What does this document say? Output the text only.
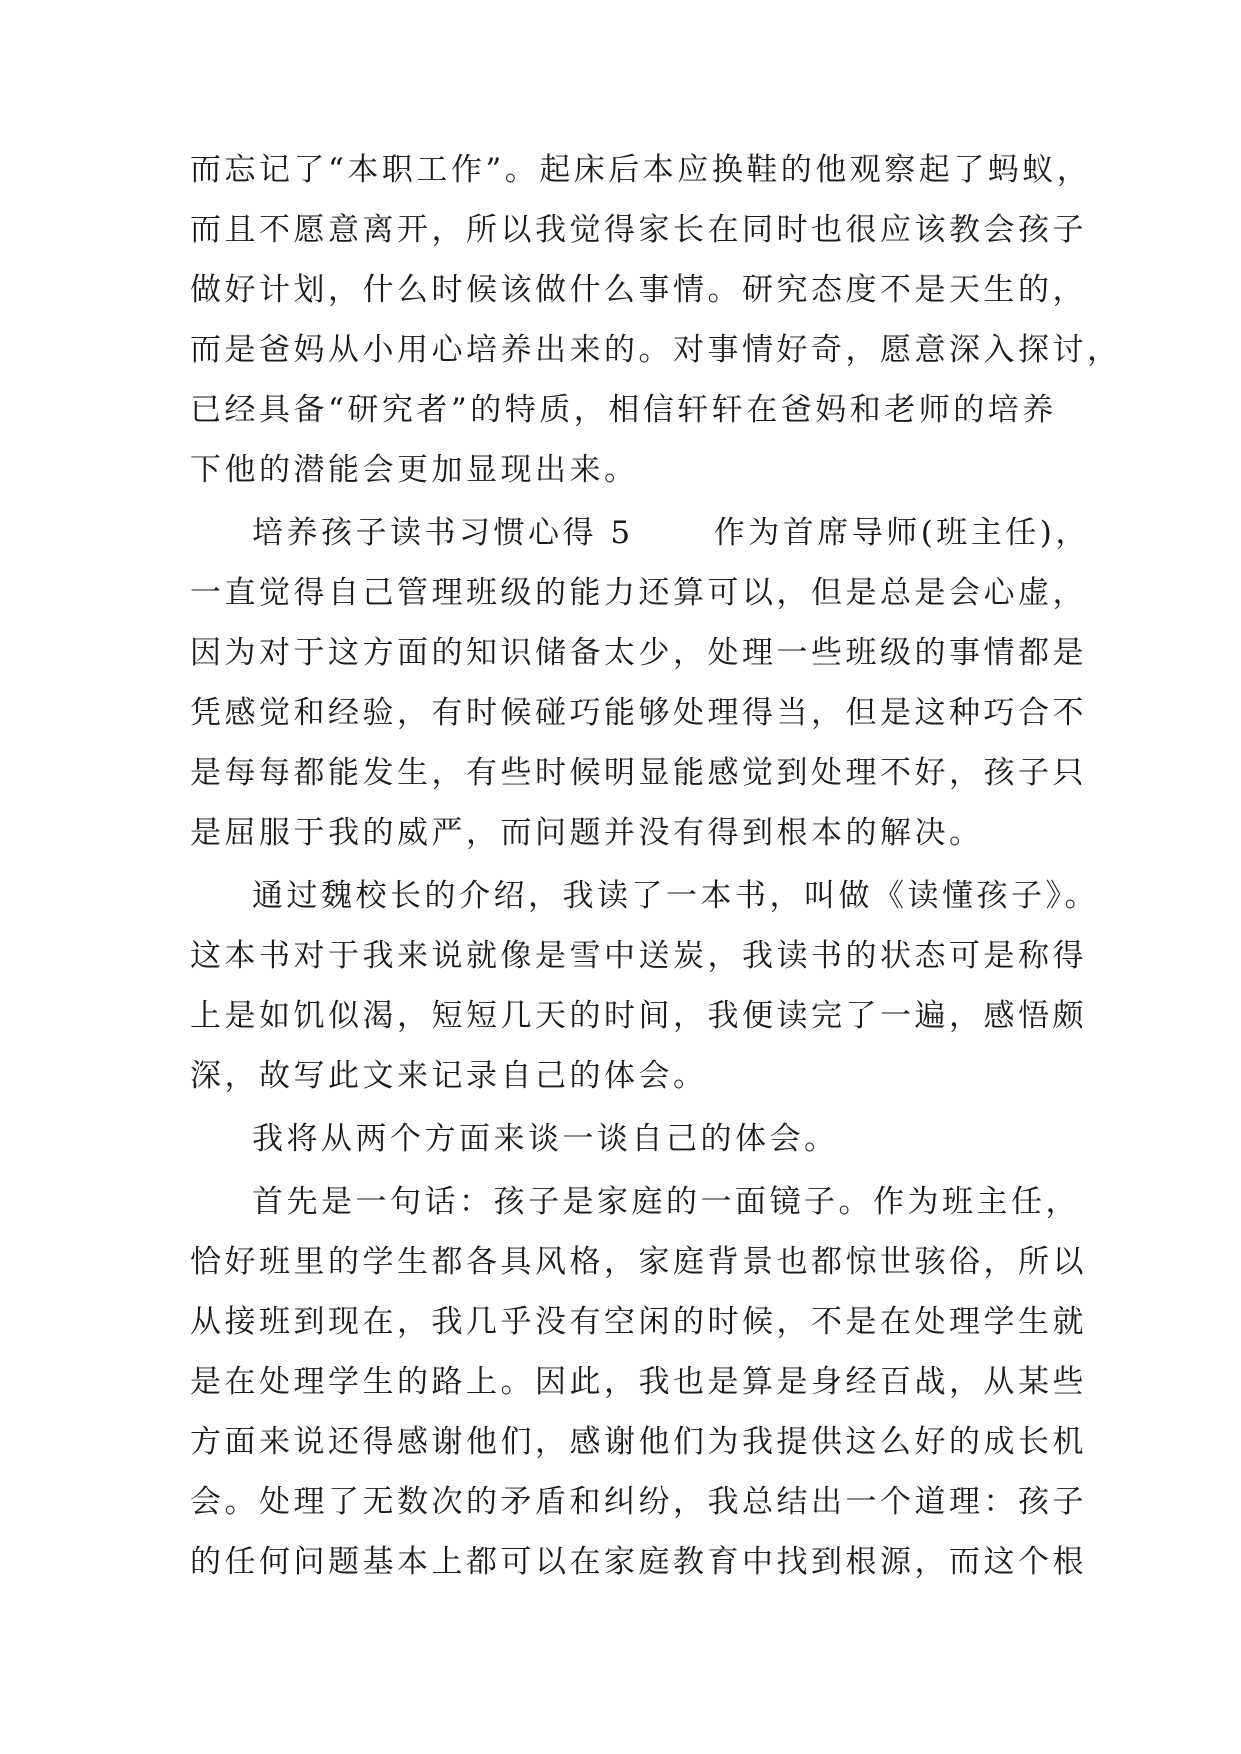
而忘记了“本职工作”。起床后本应换鞋的他观察起了蚂蚁，
而且不愿意离开，所以我觉得家长在同时也很应该教会孩子
做好计划，什么时候该做什么事情。研究态度不是天生的，
而是爸妈从小用心培养出来的。对事情好奇，愿意深入探讨，
已经具备“研究者”的特质，相信轩轩在爸妈和老师的培养
下他的潜能会更加显现出来。
培养孩子读书习惯心得 5      作为首席导师(班主任)，
一直觉得自己管理班级的能力还算可以，但是总是会心虚，
因为对于这方面的知识储备太少，处理一些班级的事情都是
凭感觉和经验，有时候碰巧能够处理得当，但是这种巧合不
是每每都能发生，有些时候明显能感觉到处理不好，孩子只
是屈服于我的威严，而问题并没有得到根本的解决。
通过魏校长的介绍，我读了一本书，叫做《读懂孩子》。
这本书对于我来说就像是雪中送炭，我读书的状态可是称得
上是如饥似渴，短短几天的时间，我便读完了一遍，感悟颇
深，故写此文来记录自己的体会。
我将从两个方面来谈一谈自己的体会。
首先是一句话：孩子是家庭的一面镜子。作为班主任，
恰好班里的学生都各具风格，家庭背景也都惊世骇俗，所以
从接班到现在，我几乎没有空闲的时候，不是在处理学生就
是在处理学生的路上。因此，我也是算是身经百战，从某些
方面来说还得感谢他们，感谢他们为我提供这么好的成长机
会。处理了无数次的矛盾和纠纷，我总结出一个道理：孩子
的任何问题基本上都可以在家庭教育中找到根源，而这个根
